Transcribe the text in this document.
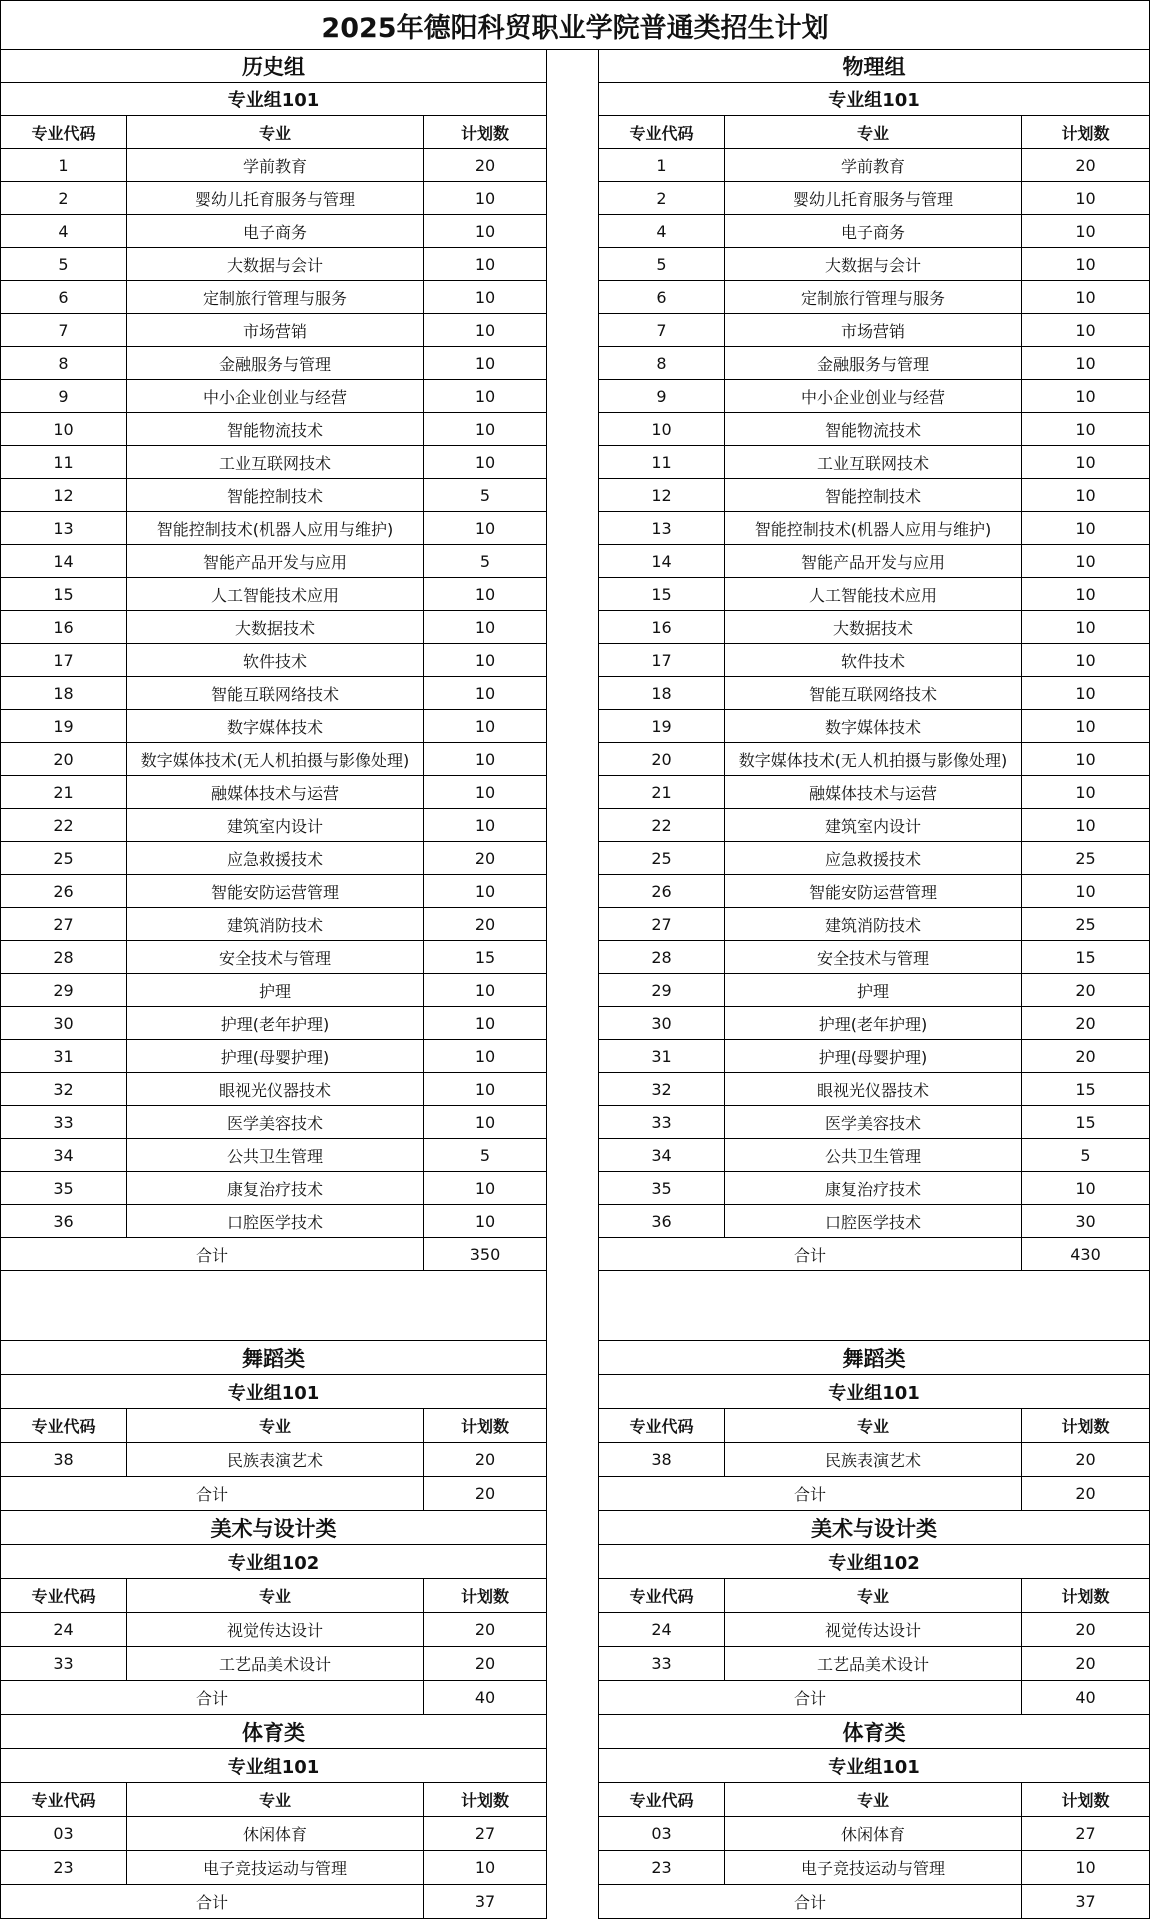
2025年德阳科贸职业学院普通类招生计划
历史组
专业组101
专业代码	专业	计划数
1	学前教育	20
2	婴幼儿托育服务与管理	10
4	电子商务	10
5	大数据与会计	10
6	定制旅行管理与服务	10
7	市场营销	10
8	金融服务与管理	10
9	中小企业创业与经营	10
10	智能物流技术	10
11	工业互联网技术	10
12	智能控制技术	5
13	智能控制技术(机器人应用与维护)	10
14	智能产品开发与应用	5
15	人工智能技术应用	10
16	大数据技术	10
17	软件技术	10
18	智能互联网络技术	10
19	数字媒体技术	10
20	数字媒体技术(无人机拍摄与影像处理)	10
21	融媒体技术与运营	10
22	建筑室内设计	10
25	应急救援技术	20
26	智能安防运营管理	10
27	建筑消防技术	20
28	安全技术与管理	15
29	护理	10
30	护理(老年护理)	10
31	护理(母婴护理)	10
32	眼视光仪器技术	10
33	医学美容技术	10
34	公共卫生管理	5
35	康复治疗技术	10
36	口腔医学技术	10
合计	350
舞蹈类
专业组101
专业代码	专业	计划数
38	民族表演艺术	20
合计	20
美术与设计类
专业组102
专业代码	专业	计划数
24	视觉传达设计	20
33	工艺品美术设计	20
合计	40
体育类
专业组101
专业代码	专业	计划数
03	休闲体育	27
23	电子竞技运动与管理	10
合计	37
物理组
专业组101
专业代码	专业	计划数
1	学前教育	20
2	婴幼儿托育服务与管理	10
4	电子商务	10
5	大数据与会计	10
6	定制旅行管理与服务	10
7	市场营销	10
8	金融服务与管理	10
9	中小企业创业与经营	10
10	智能物流技术	10
11	工业互联网技术	10
12	智能控制技术	10
13	智能控制技术(机器人应用与维护)	10
14	智能产品开发与应用	10
15	人工智能技术应用	10
16	大数据技术	10
17	软件技术	10
18	智能互联网络技术	10
19	数字媒体技术	10
20	数字媒体技术(无人机拍摄与影像处理)	10
21	融媒体技术与运营	10
22	建筑室内设计	10
25	应急救援技术	25
26	智能安防运营管理	10
27	建筑消防技术	25
28	安全技术与管理	15
29	护理	20
30	护理(老年护理)	20
31	护理(母婴护理)	20
32	眼视光仪器技术	15
33	医学美容技术	15
34	公共卫生管理	5
35	康复治疗技术	10
36	口腔医学技术	30
合计	430
舞蹈类
专业组101
专业代码	专业	计划数
38	民族表演艺术	20
合计	20
美术与设计类
专业组102
专业代码	专业	计划数
24	视觉传达设计	20
33	工艺品美术设计	20
合计	40
体育类
专业组101
专业代码	专业	计划数
03	休闲体育	27
23	电子竞技运动与管理	10
合计	37
